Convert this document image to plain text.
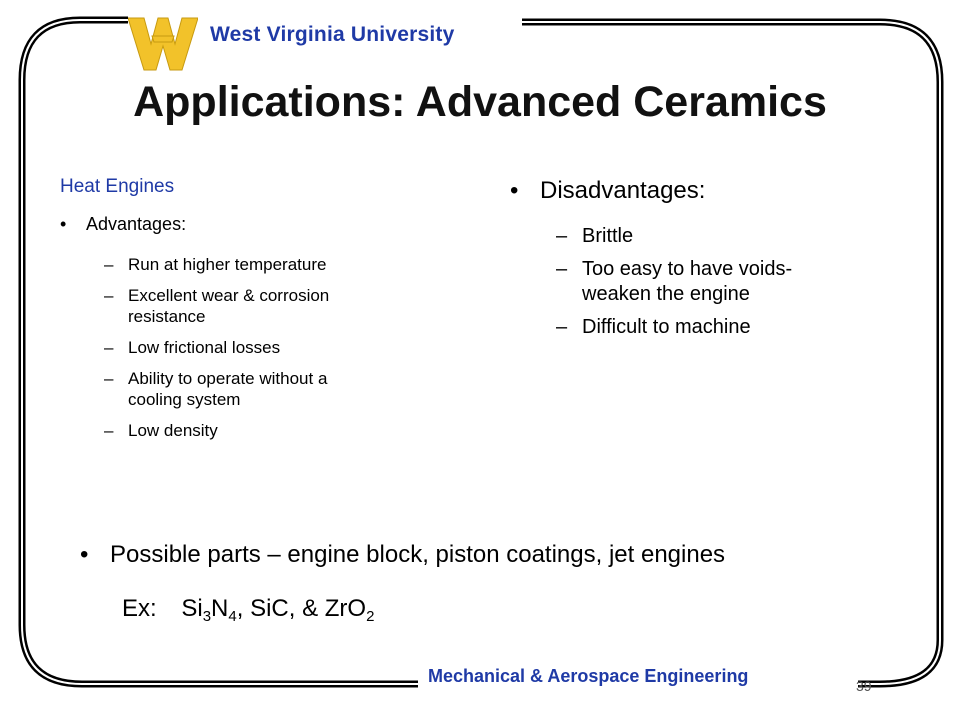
West Virginia University
Applications: Advanced Ceramics
Heat Engines
• Advantages:
– Run at higher temperature
– Excellent wear & corrosion
resistance
– Low frictional losses
– Ability to operate without a
cooling system
– Low density
• Disadvantages:
– Brittle
– Too easy to have voids-
weaken the engine
– Difficult to machine
• Possible parts – engine block, piston coatings, jet engines
Ex: $Si_3N_4$, SiC, & ZrO$_2$
Mechanical & Aerospace Engineering	39
